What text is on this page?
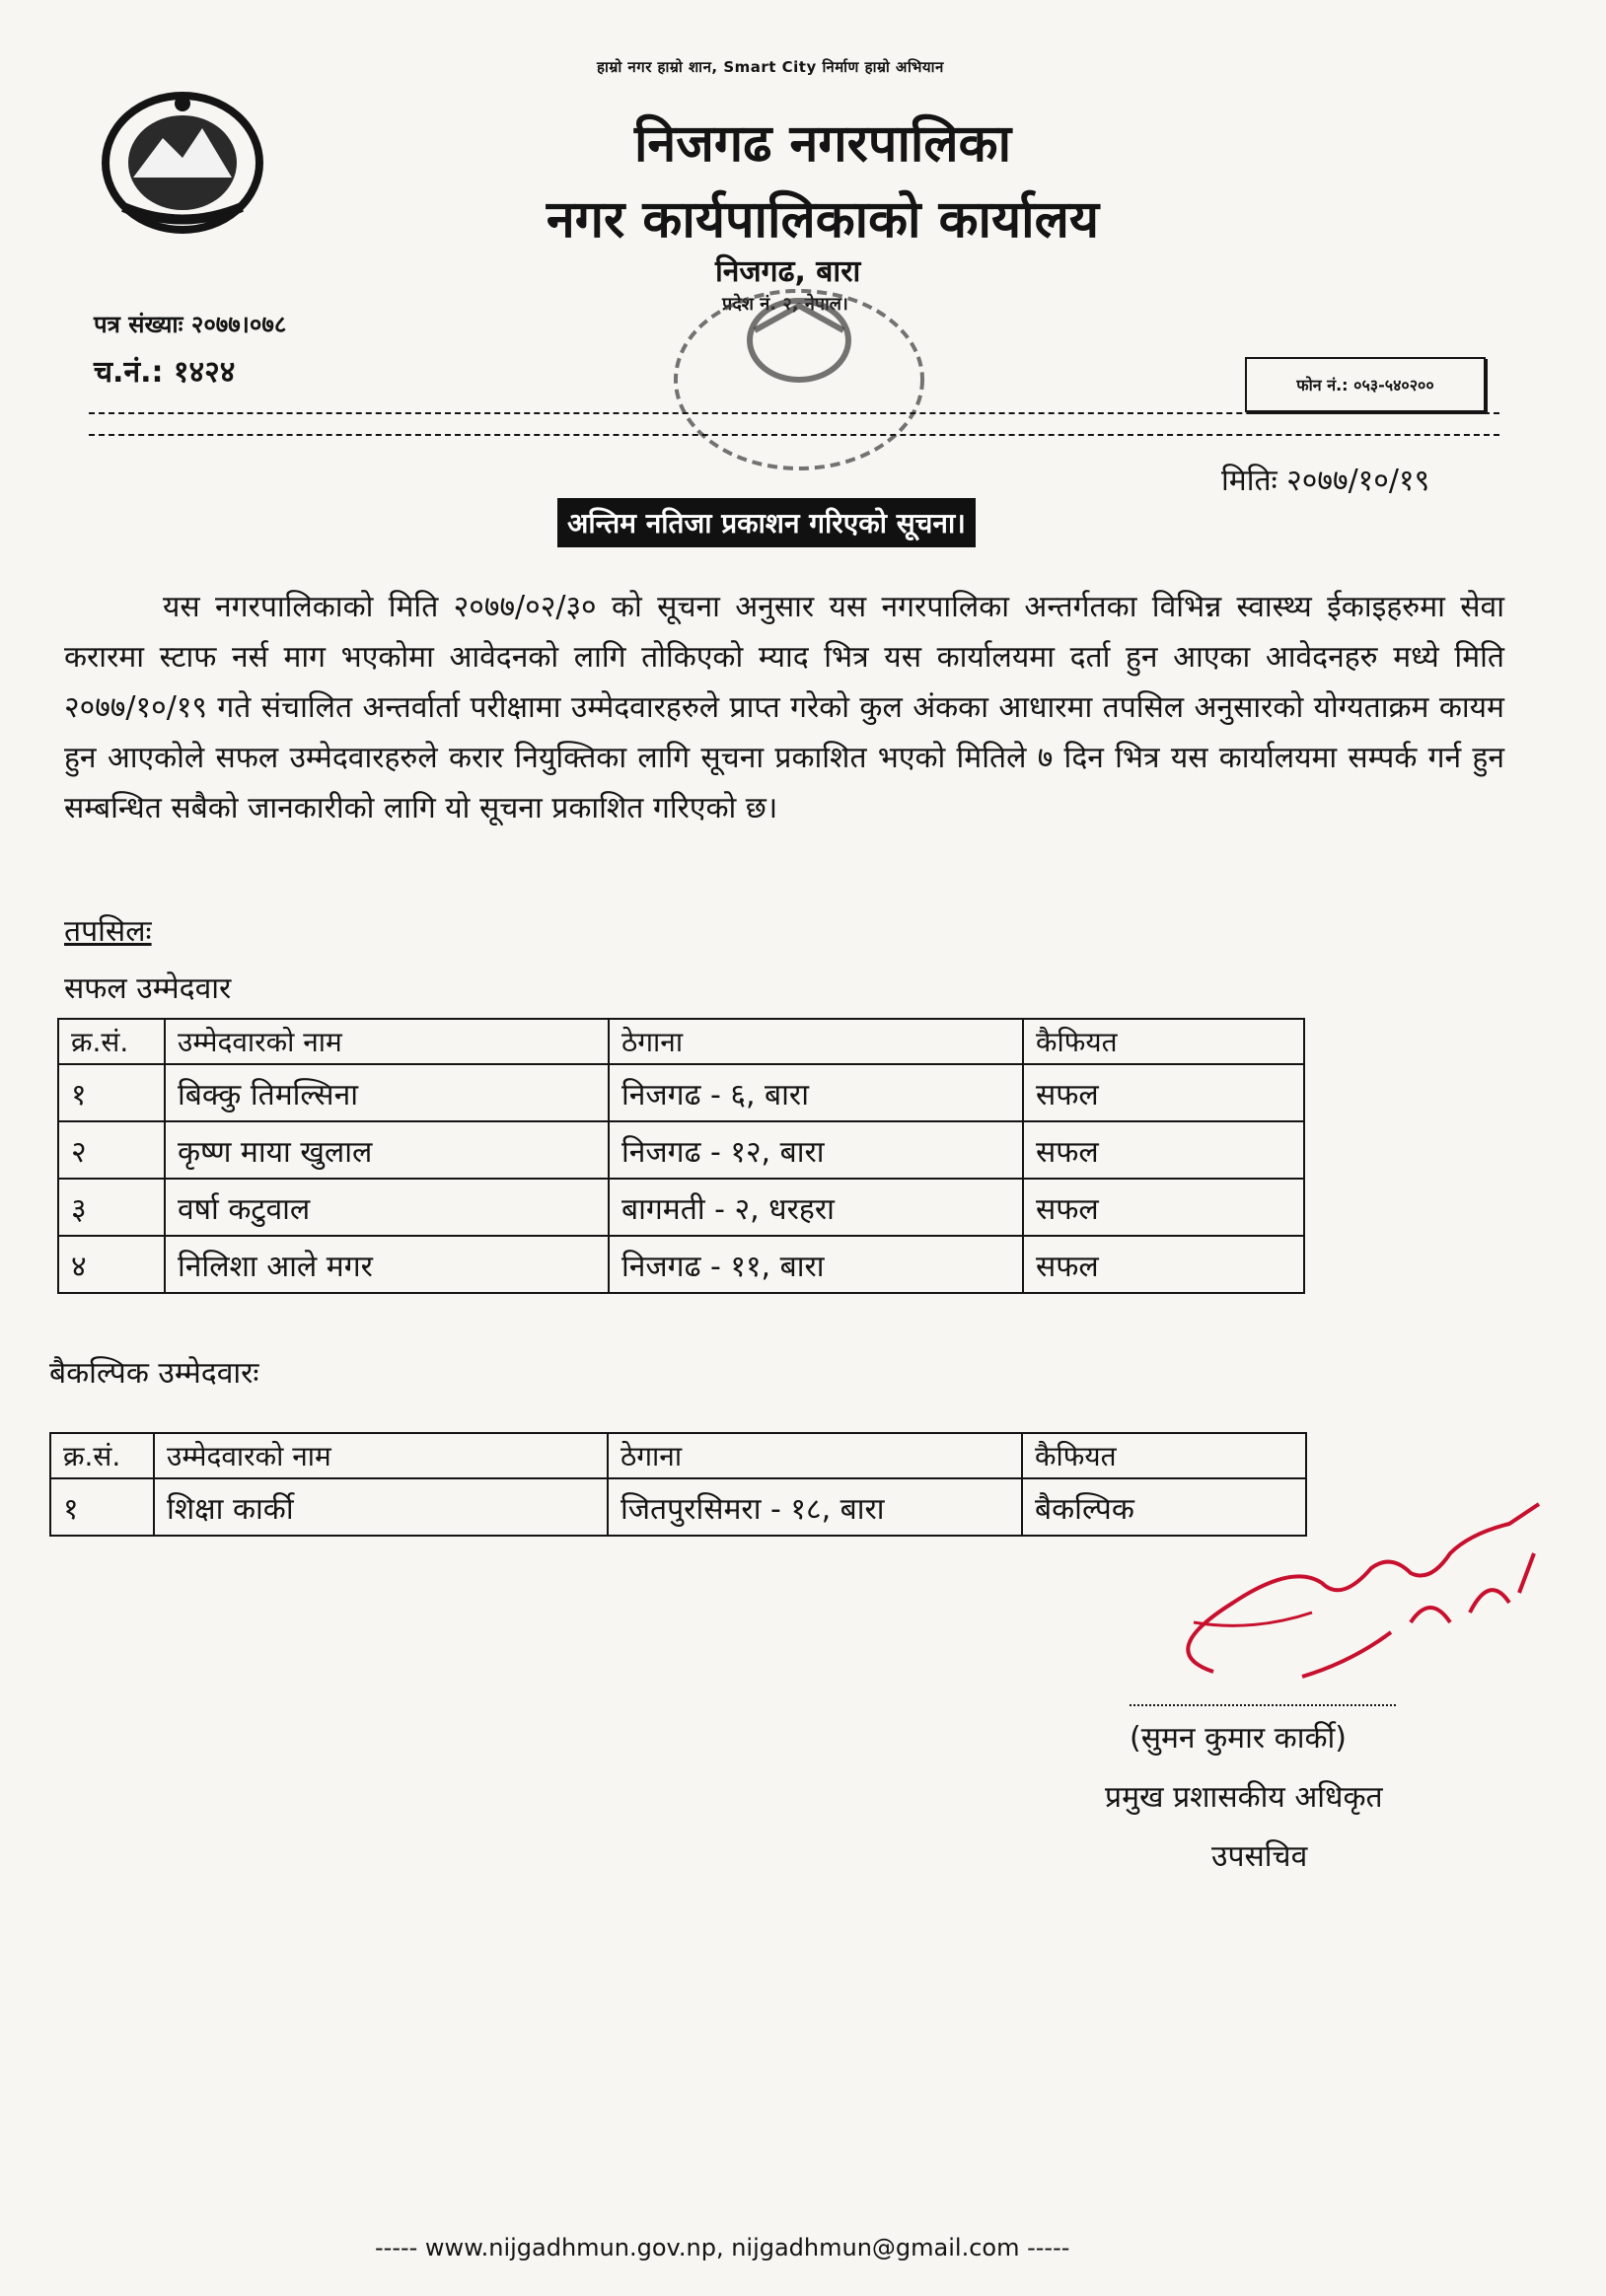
हाम्रो नगर हाम्रो शान, Smart City निर्माण हाम्रो अभियान
निजगढ नगरपालिका
नगर कार्यपालिकाको कार्यालय
निजगढ, बारा
प्रदेश नं. २, नेपाल।
पत्र संख्याः २०७७।०७८
च.नं.: १४२४	फोन नं.: ०५३-५४०२००
मितिः २०७७/१०/१९
अन्तिम नतिजा प्रकाशन गरिएको सूचना।
यस नगरपालिकाको मिति २०७७/०२/३० को सूचना अनुसार यस नगरपालिका अन्तर्गतका विभिन्न स्वास्थ्य ईकाइहरुमा सेवा करारमा स्टाफ नर्स माग भएकोमा आवेदनको लागि तोकिएको म्याद भित्र यस कार्यालयमा दर्ता हुन आएका आवेदनहरु मध्ये मिति २०७७/१०/१९ गते संचालित अन्तर्वार्ता परीक्षामा उम्मेदवारहरुले प्राप्त गरेको कुल अंकका आधारमा तपसिल अनुसारको योग्यताक्रम कायम हुन आएकोले सफल उम्मेदवारहरुले करार नियुक्तिका लागि सूचना प्रकाशित भएको मितिले ७ दिन भित्र यस कार्यालयमा सम्पर्क गर्न हुन सम्बन्धित सबैको जानकारीको लागि यो सूचना प्रकाशित गरिएको छ।
तपसिलः
सफल उम्मेदवार
क्र.सं.	उम्मेदवारको नाम	ठेगाना	कैफियत
१	बिक्कु तिमल्सिना	निजगढ - ६, बारा	सफल
२	कृष्ण माया खुलाल	निजगढ - १२, बारा	सफल
३	वर्षा कटुवाल	बागमती - २, धरहरा	सफल
४	निलिशा आले मगर	निजगढ - ११, बारा	सफल
बैकल्पिक उम्मेदवारः
क्र.सं.	उम्मेदवारको नाम	ठेगाना	कैफियत
१	शिक्षा कार्की	जितपुरसिमरा - १८, बारा	बैकल्पिक
(सुमन कुमार कार्की)
प्रमुख प्रशासकीय अधिकृत
उपसचिव
----- www.nijgadhmun.gov.np, nijgadhmun@gmail.com -----
